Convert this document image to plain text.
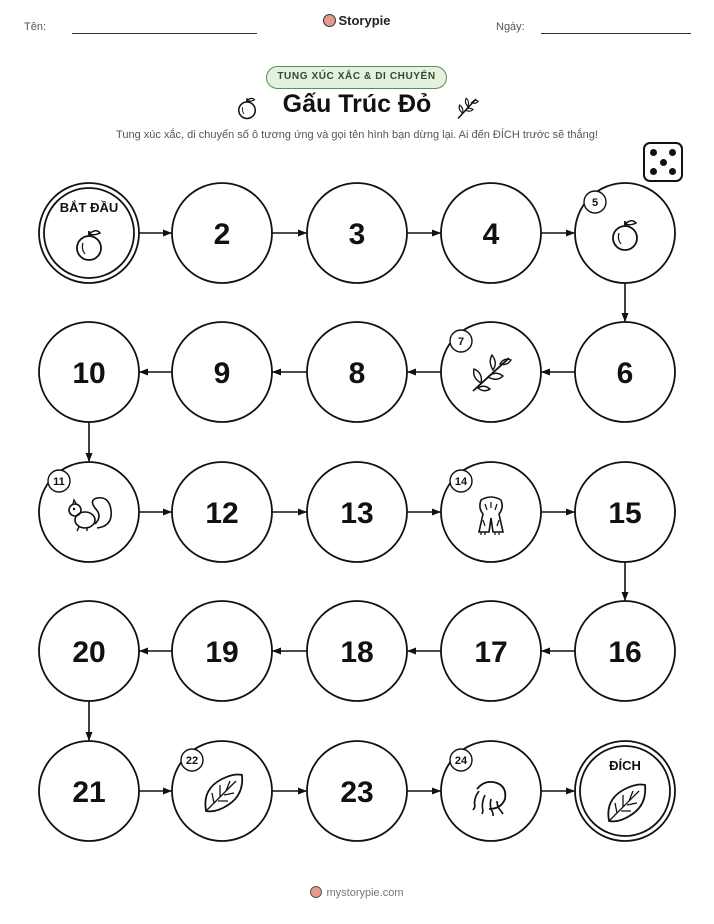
Tên:	Ngày:
Storypie
TUNG XÚC XẮC & DI CHUYỂN
Gấu Trúc Đỏ
Tung xúc xắc, di chuyển số ô tương ứng và gọi tên hình bạn dừng lại. Ai đến ĐÍCH trước sẽ thắng!
BẮT ĐẦU
2	3	4
5
6
7
8
9
10
11
12	13
14
15
16
17
18
19
20
21
22
23
24	ĐÍCH
mystorypie.com
